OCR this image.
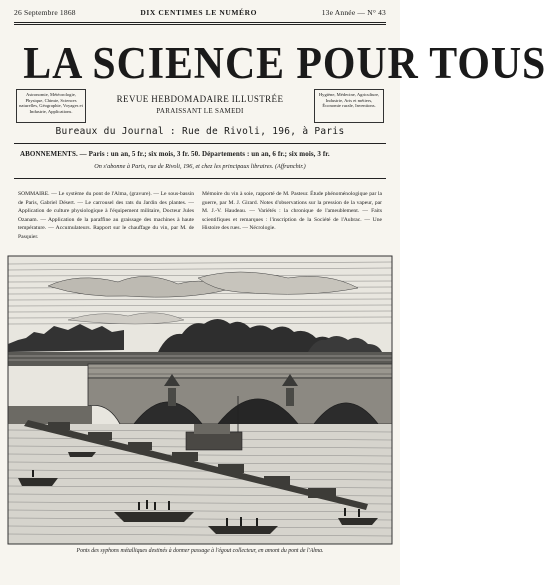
26 Septembre 1868	DIX CENTIMES LE NUMÉRO	13e Année — N° 43
LA SCIENCE POUR TOUS
Astronomie, Météorologie, Physique, Chimie, Sciences naturelles, Géographie, Voyages et Industrie, Applications.
Hygiène, Médecine, Agriculture, Industrie, Arts et métiers, Économie rurale, Inventions.
REVUE HEBDOMADAIRE ILLUSTRÉE
PARAISSANT LE SAMEDI
Bureaux du Journal : Rue de Rivoli, 196, à Paris
ABONNEMENTS. — Paris : un an, 5 fr.; six mois, 3 fr. 50. Départements : un an, 6 fr.; six mois, 3 fr.
On s'abonne à Paris, rue de Rivoli, 196, et chez les principaux libraires. (Affranchir.)
SOMMAIRE. — Le système du pont de l'Alma, (gravure). — Le sous-bassin de Paris, Gabriel Désert. — Le carrousel des rats du Jardin des plantes. — Application de culture physiologique à l'équipement militaire, Docteur Jules Ozanam. — Application de la paraffine au graissage des machines à haute température. — Accumulateurs. Rapport sur le chauffage du vin, par M. de Pasquier.
Mémoire du vin à soie, rapporté de M. Pasteur. Étude phénoménologique par la guerre, par M. J. Girard. Notes d'observations sur la pression de la vapeur, par M. J.-V. Haudeau. — Variétés : la chronique de l'ameublement. — Faits scientifiques et remarques : l'inscription de la Société de l'Aubrac. — Une Histoire des rues. — Nécrologie.
Ponts des syphons métalliques destinés à donner passage à l'égout collecteur, en amont du pont de l'Alma.
